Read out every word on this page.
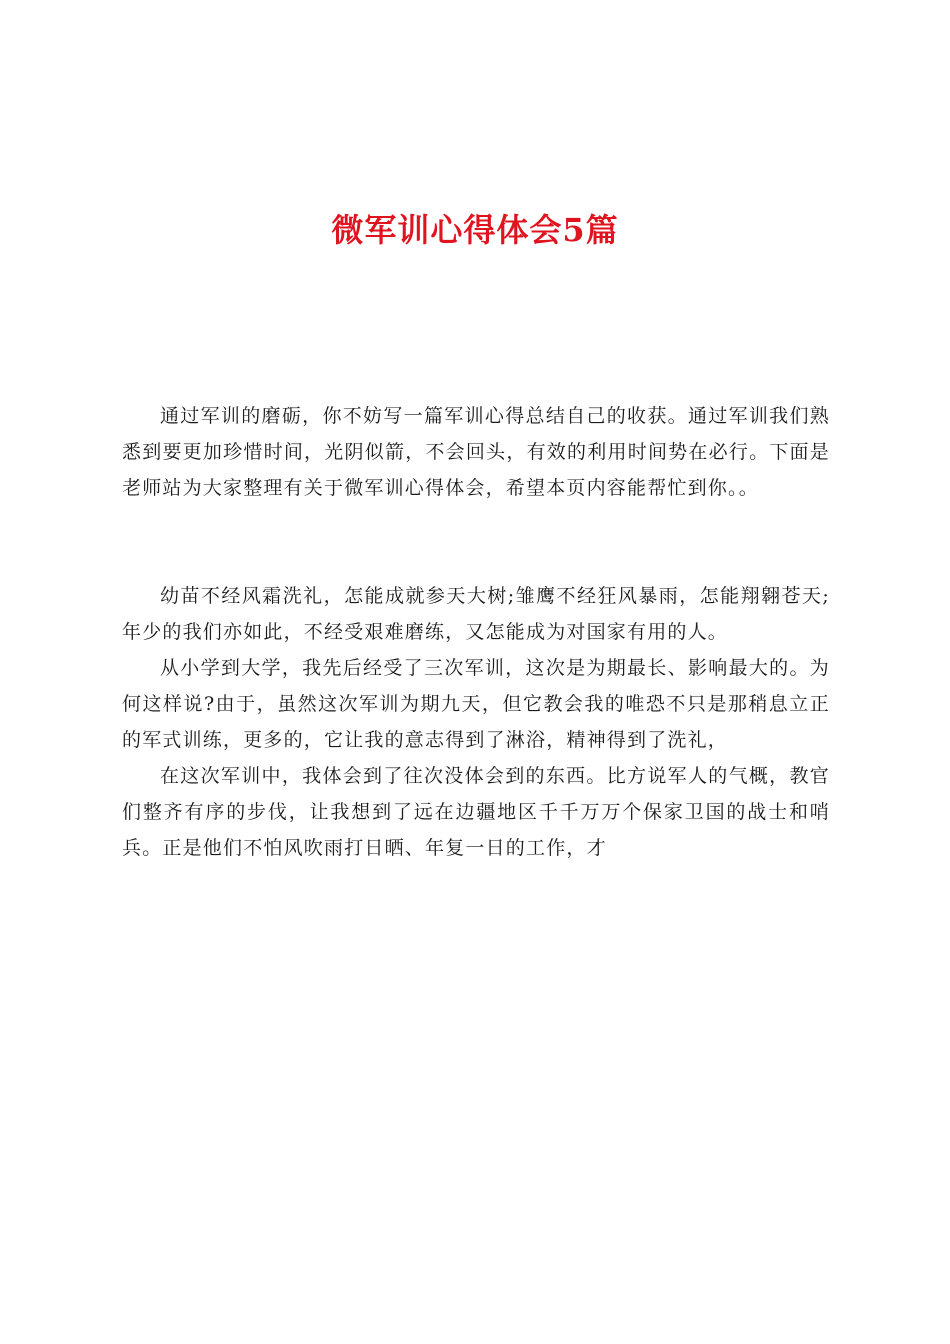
微军训心得体会5篇

通过军训的磨砺，你不妨写一篇军训心得总结自己的收获。通过军训我们熟悉到要更加珍惜时间，光阴似箭，不会回头，有效的利用时间势在必行。下面是老师站为大家整理有关于微军训心得体会，希望本页内容能帮忙到你。。

幼苗不经风霜洗礼，怎能成就参天大树;雏鹰不经狂风暴雨，怎能翔翱苍天;年少的我们亦如此，不经受艰难磨练，又怎能成为对国家有用的人。

从小学到大学，我先后经受了三次军训，这次是为期最长、影响最大的。为何这样说?由于，虽然这次军训为期九天，但它教会我的唯恐不只是那稍息立正的军式训练，更多的，它让我的意志得到了淋浴，精神得到了洗礼，

在这次军训中，我体会到了往次没体会到的东西。比方说军人的气概，教官们整齐有序的步伐，让我想到了远在边疆地区千千万万个保家卫国的战士和哨兵。正是他们不怕风吹雨打日晒、年复一日的工作，才
